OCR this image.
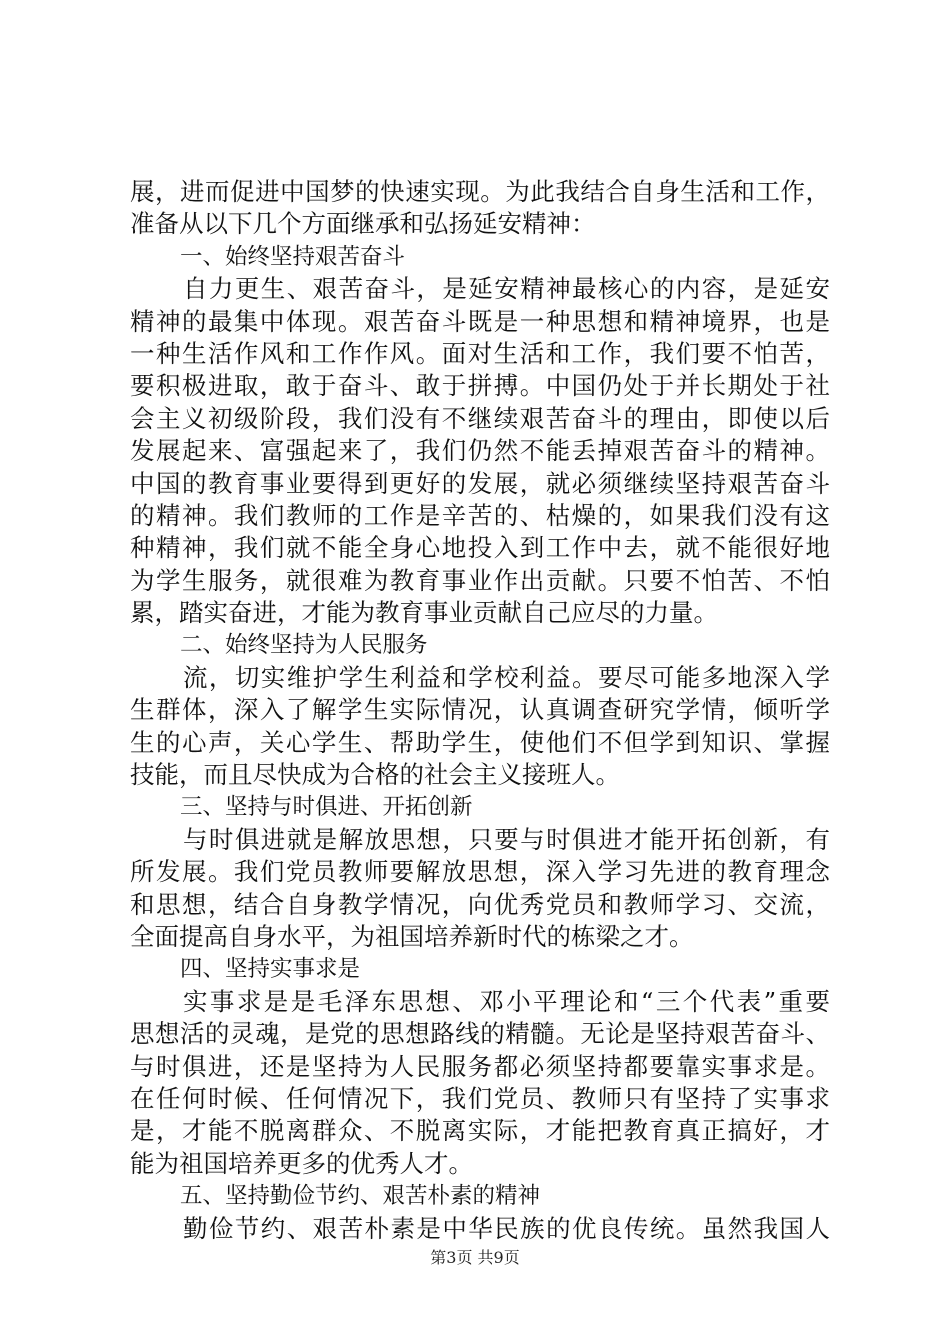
展，进而促进中国梦的快速实现。为此我结合自身生活和工作，
准备从以下几个方面继承和弘扬延安精神：
一、始终坚持艰苦奋斗
自力更生、艰苦奋斗，是延安精神最核心的内容，是延安
精神的最集中体现。艰苦奋斗既是一种思想和精神境界，也是
一种生活作风和工作作风。面对生活和工作，我们要不怕苦，
要积极进取，敢于奋斗、敢于拼搏。中国仍处于并长期处于社
会主义初级阶段，我们没有不继续艰苦奋斗的理由，即使以后
发展起来、富强起来了，我们仍然不能丢掉艰苦奋斗的精神。
中国的教育事业要得到更好的发展，就必须继续坚持艰苦奋斗
的精神。我们教师的工作是辛苦的、枯燥的，如果我们没有这
种精神，我们就不能全身心地投入到工作中去，就不能很好地
为学生服务，就很难为教育事业作出贡献。只要不怕苦、不怕
累，踏实奋进，才能为教育事业贡献自己应尽的力量。
二、始终坚持为人民服务
流，切实维护学生利益和学校利益。要尽可能多地深入学
生群体，深入了解学生实际情况，认真调查研究学情，倾听学
生的心声，关心学生、帮助学生，使他们不但学到知识、掌握
技能，而且尽快成为合格的社会主义接班人。
三、坚持与时俱进、开拓创新
与时俱进就是解放思想，只要与时俱进才能开拓创新，有
所发展。我们党员教师要解放思想，深入学习先进的教育理念
和思想，结合自身教学情况，向优秀党员和教师学习、交流，
全面提高自身水平，为祖国培养新时代的栋梁之才。
四、坚持实事求是
实事求是是毛泽东思想、邓小平理论和“三个代表”重要
思想活的灵魂，是党的思想路线的精髓。无论是坚持艰苦奋斗、
与时俱进，还是坚持为人民服务都必须坚持都要靠实事求是。
在任何时候、任何情况下，我们党员、教师只有坚持了实事求
是，才能不脱离群众、不脱离实际，才能把教育真正搞好，才
能为祖国培养更多的优秀人才。
五、坚持勤俭节约、艰苦朴素的精神
勤俭节约、艰苦朴素是中华民族的优良传统。虽然我国人
第3页 共9页
